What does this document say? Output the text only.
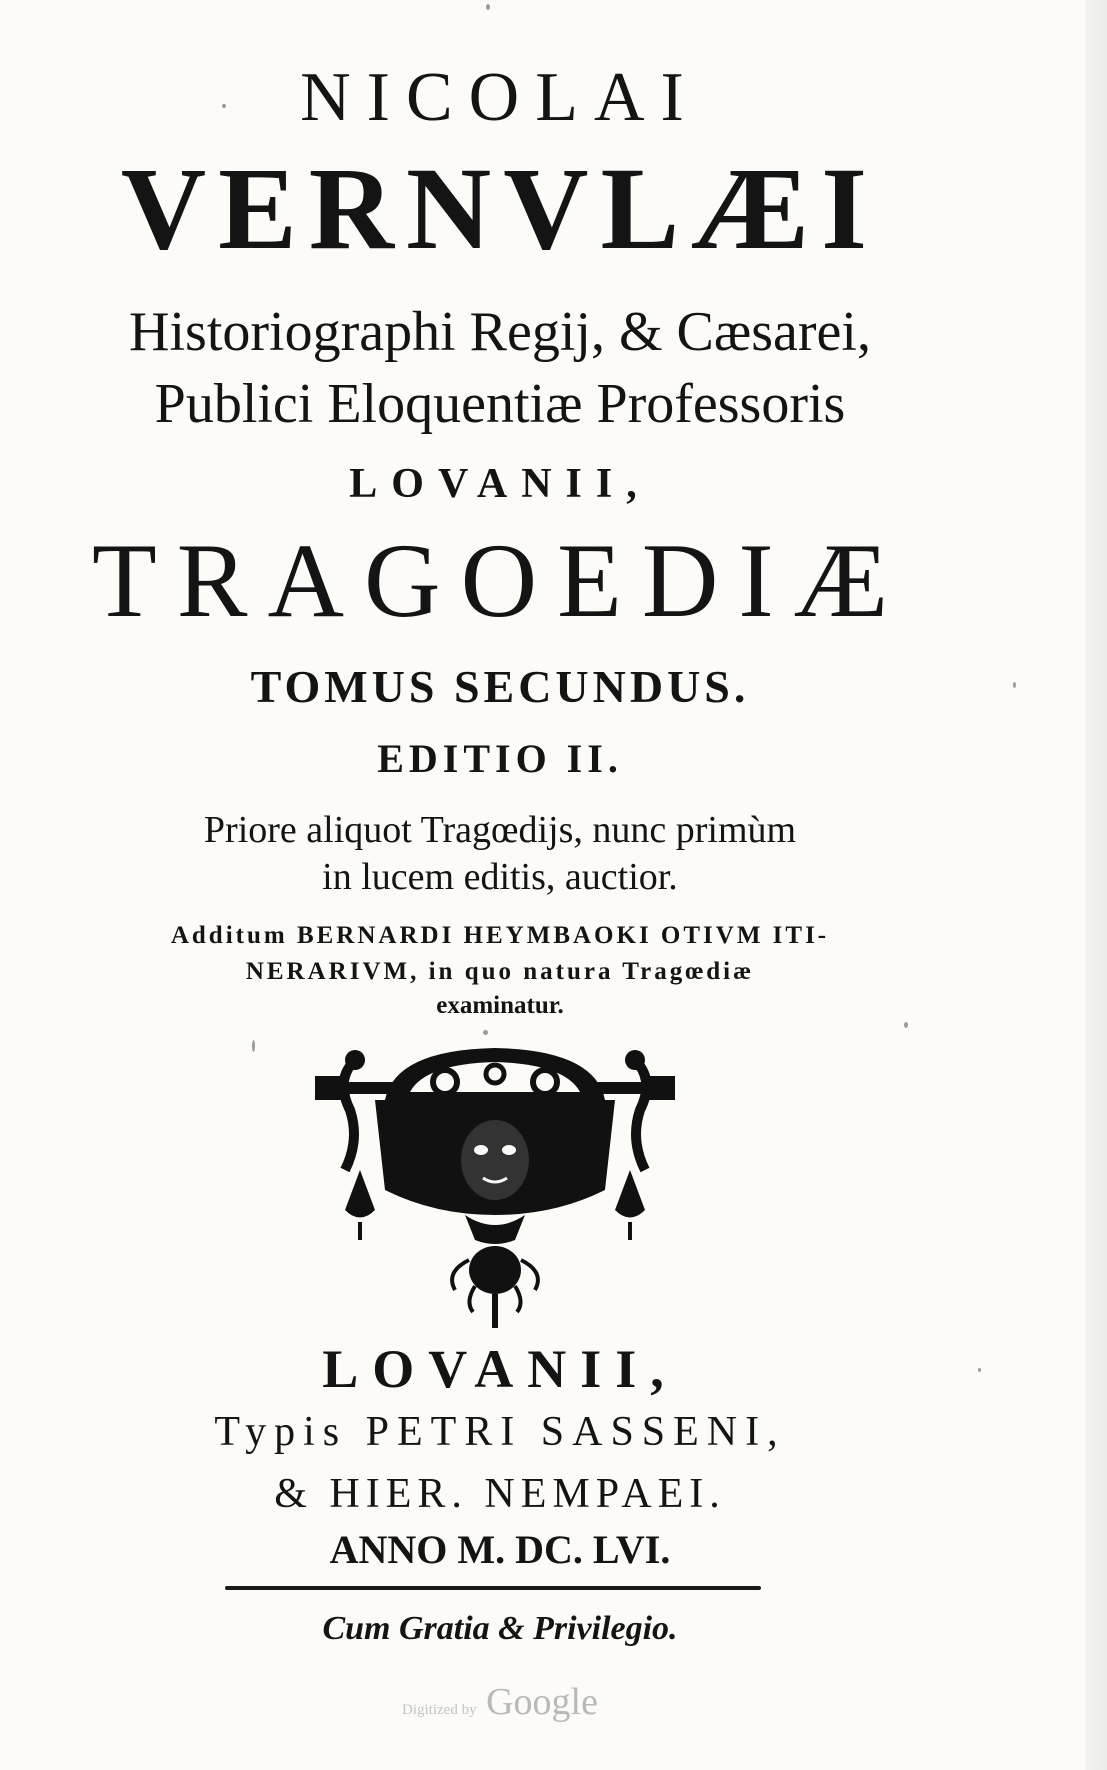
NICOLAI
VERNVLÆI
Historiographi Regij, & Cæsarei,
Publici Eloquentiæ Professoris
LOVANII,
TRAGOEDIÆ
TOMUS SECUNDUS.
EDITIO II.
Priore aliquot Tragœdijs, nunc primùm
in lucem editis, auctior.
Additum BERNARDI HEYMBAOKI OTIVM ITI-
NERARIVM, in quo natura Tragœdiæ
examinatur.
LOVANII,
Typis PETRI SASSENI,
& HIER. NEMPAEI.
ANNO M. DC. LVI.
Cum Gratia & Privilegio.
Digitized by Google
